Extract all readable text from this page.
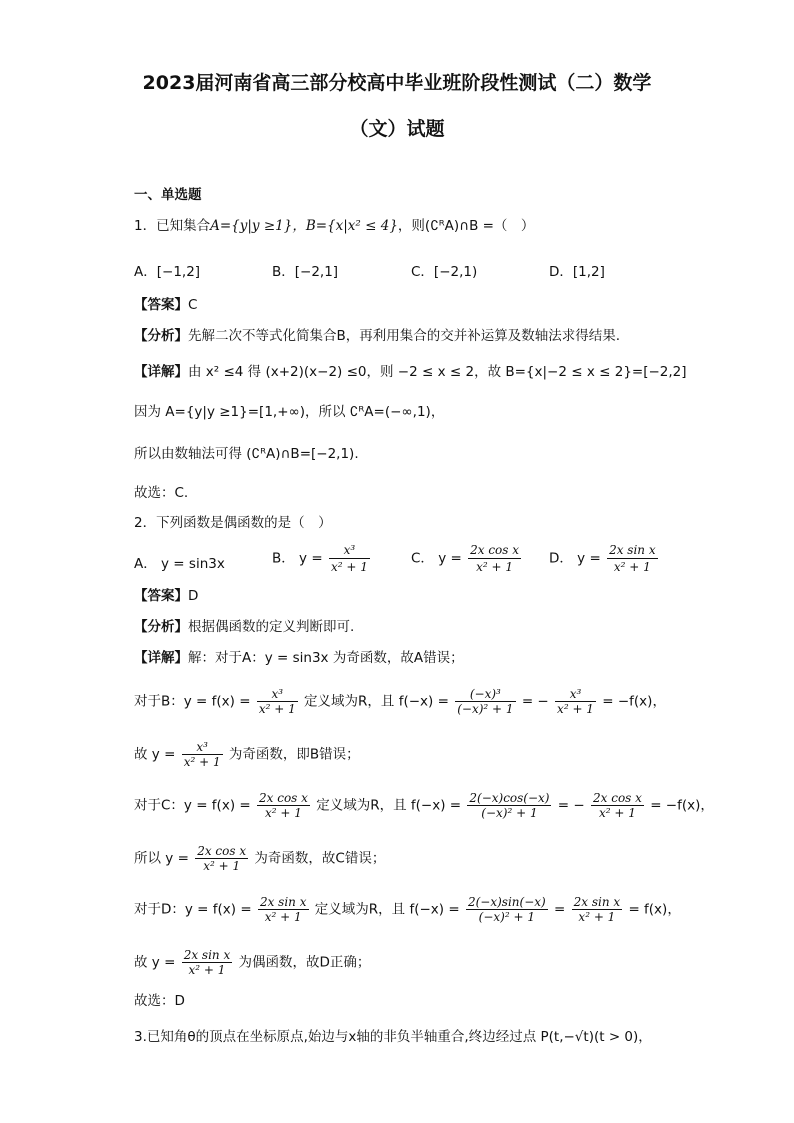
2023届河南省高三部分校高中毕业班阶段性测试（二）数学
（文）试题
一、单选题
1．已知集合A={y|y ≥1}，B={x|x² ≤ 4}，则(∁ᴿA)∩B =（　）
A．[−1,2]	B．[−2,1]	C．[−2,1)	D．[1,2]
【答案】C
【分析】先解二次不等式化简集合B，再利用集合的交并补运算及数轴法求得结果.
【详解】由 x² ≤4 得 (x+2)(x−2) ≤0，则 −2 ≤ x ≤ 2，故 B={x|−2 ≤ x ≤ 2}=[−2,2]
因为 A={y|y ≥1}=[1,+∞)，所以 ∁ᴿA=(−∞,1)，
所以由数轴法可得 (∁ᴿA)∩B=[−2,1).
故选：C.
2．下列函数是偶函数的是（　）
A． y = sin3x	B． $y = \frac{\text{x³}}{\text{x² + 1}}$	C． $y = \frac{\text{2x cos x}}{\text{x² + 1}}$ D． $y = \frac{\text{2x sin x}}{\text{x² + 1}}$
【答案】D
【分析】根据偶函数的定义判断即可.
【详解】解：对于A：y = sin3x 为奇函数，故A错误；
对于B：$y = f(x) = \frac{\text{x³}}{\text{x² + 1}}$ 定义域为R，且 $f(-x) = \frac{\text{(−x)³}}{\text{(−x)² + 1}}$ = − $\frac{\text{x³}}{\text{x² + 1}} = -f(x)$，
故 $y = \frac{\text{x³}}{\text{x² + 1}}$ 为奇函数，即B错误；
对于C：$y = f(x) = \frac{\text{2x cos x}}{\text{x² + 1}}$ 定义域为R，且 $f(-x) = \frac{2(-x)\cos(-x)}{\text{(−x)² + 1}}$ = − $\frac{\text{2x cos x}}{\text{x² + 1}} = -f(x)$，
所以 $y = \frac{\text{2x cos x}}{\text{x² + 1}}$ 为奇函数，故C错误；
对于D：$y = f(x) = \frac{\text{2x sin x}}{\text{x² + 1}}$ 定义域为R，且 $f(-x) = \frac{2(-x)\sin(-x)}{\text{(−x)² + 1}} = \frac{\text{2x sin x}}{\text{x² + 1}} = f(x)$，
故 $y = \frac{\text{2x sin x}}{\text{x² + 1}}$ 为偶函数，故D正确；
故选：D
3.已知角θ的顶点在坐标原点,始边与x轴的非负半轴重合,终边经过点 P(t,−√t)(t > 0)，
